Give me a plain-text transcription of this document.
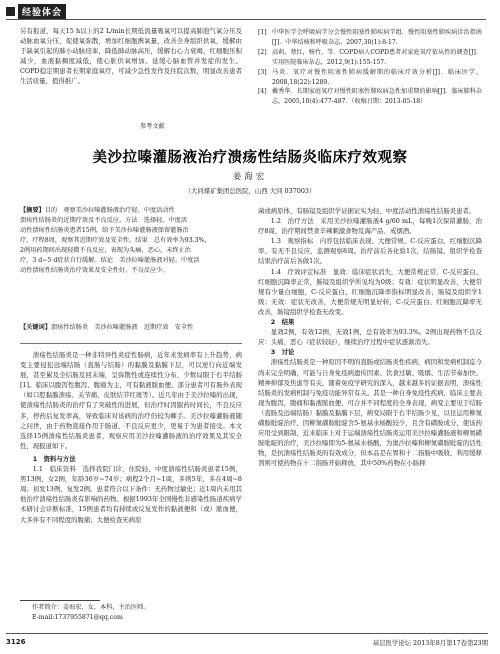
经验体会
另有报道，每天15 h以上的2 L/min长期低流量吸氧可以提高肺泡气氧分压及动脉血氧分压，促使氧弥散，增加红细胞携氧量，改善全身组织供氧，缓解由于缺氧引起的肺小动脉痉挛，降低肺动脉高压，缓解右心力衰竭，红细胞压积减少，血液黏稠度减低，使心脏供氧增加。延缓心脑血管并发症的发生。COPD稳定期患者长期家庭氧疗，可减少急性发作及住院次数，明显改善患者生活质量，值得推广。
参考文献
[1] 中华医学会呼吸病学分会慢性阻塞性肺疾病学组．慢性阻塞性肺疾病诊治指南[J]．中华结核和呼吸杂志，2007,30(1):8-17.
[2] 高莉，蔡红，杨竹，等．COPD病人COPD患者对家庭氧疗依从性的调查[J]．实用医院临床杂志，2012,9(1):155-157.
[3] 马炎．氧疗对慢性阻塞性肺病缓解期的临床疗效分析[J]．临床医学，2008,18(22):1289.
[4] 戴秀华．长期家庭氧疗对慢性阻塞性肺疾病急性加重期的影响[J]．临床肺科杂志，2005,10(4):477-487．（收稿日期：2013-05-18）
美沙拉嗪灌肠液治疗溃疡性结肠炎临床疗效观察
姜海宏
（大同煤矿集团总医院，山西 大同 037003）
【摘要】目的　观察美沙拉嗪灌肠液治疗轻、中度活动性
溃疡性结肠炎的近期疗效及不良反应。方法　选择轻、中度活
动性溃疡性结肠炎患者15例，给予美沙拉嗪灌肠液保留灌肠治
疗，疗程8周，观察其近期疗效及安全性。结果　总有效率为93.3%，
2例用药期间出现轻微不良反应，表现为头痛、恶心，未终止治
疗，3 d~5 d症状自行缓解。结论　美沙拉嗪灌肠液对轻、中度活
动性溃疡性结肠炎治疗效果及安全性好，不良反应少。
【关键词】溃疡性结肠炎　美沙拉嗪灌肠液　近期疗效　安全性
溃疡性结肠炎是一种非特异性炎症性肠病，近年来发病率有上升趋势，病变主要侵犯远端结肠（直肠与结肠）的黏膜及黏膜下层，可以逆行向近端发展，甚至累及全结肠及回末端，呈弥散性或连续性分布，少数局限于右半结肠[1]。临床以腹泻性腹泻、腹痛为主，可有黏液脓血便，部分患者可有肠外表现（如口腔黏膜溃疡、关节痛、皮肤结节红斑等）。近几年由于美沙拉嗪的出现，使溃疡性结肠炎的治疗有了突破性的进展，但治疗时因服药时间长，不良反应多，停药后复发率高，导致临床对该病的治疗仍较为棘手。美沙拉嗪灌肠液随之问世，由于药物直接作用于肠道，不良反应更少，更易于为患者接受。本文选择15例溃疡性结肠炎患者，观察应用美沙拉嗪灌肠液的治疗效果及其安全性，现报道如下。
1　资料与方法
1.1　临床资料　选择我院门诊，住院轻、中度溃疡性结肠炎患者15例，男13例，女2例，年龄36岁~74岁；病程2个月~1周，多则5年，多在4周~8周；初发13例，复发2例。患者符合以下条件：无药物过敏史；近1周内未用其他治疗溃疡性结肠炎有影响的药物。根据1993年全国慢性非感染性肠道疾病学术研讨会诊断标准，15例患者均有持续或反复发作的黏液便和（或）脓血便，大多伴有不同程度的腹痛；大便检查无病原
菌或病原体，有肠镜及组织学证据证实为轻、中度活动性溃疡性结肠炎患者。
1.2　治疗方法　采用美沙拉嗪灌肠液4 g/60 mL，每晚1次保留灌肠，治疗8周，治疗期间禁食辛辣刺激食物及海产品、戒烟酒。
1.3　观察指标　内容包括临床表现、大便常规、C-反应蛋白、红细胞沉降率、有无不良反应，监测观察8周。治疗前后各化验1次，结肠镜、组织学检查结果治疗前后各做1次。
1.4　疗效评定标准　显效：临床症状消失，大便常规正常，C-反应蛋白、红细胞沉降率正常，肠镜及组织学所见均为0级；有效：症状明显改善，大便常规有少量白细胞，C-反应蛋白、红细胞沉降率指标明显改善，肠镜及组织学1级；无效：症状无改善，大便常规无明显好转，C-反应蛋白、红细胞沉降率无改善，肠镜组织学检查无改变。
2　结果
显效2例，有效12例，无效1例，总有效率为93.3%。2例出现药物不良反应：头痛、恶心（症状较轻），继续治疗过程中症状逐渐消失。
3　讨论
溃疡性结肠炎是一种原因不明的直肠或结肠炎性疾病，病因和发病机制迄今尚未完全明确，可能与自身免疫病遗传因素、饮食过敏、吸烟、生活节奏加快、精神抑郁及焦虑等有关，随着免疫学研究的深入，越来越多的证据表明，溃疡性结肠炎的发病机制与免疫功能异常有关。其是一种自身免疫性疾病，临床主要表现为腹泻，腹痛和黏液脓血便，可合并不同程度的全身表现，病变主要见于结肠（直肠及远端结肠）黏膜及黏膜下层，病变局限于右半结肠少见，以往运用柳氮磺胺吡啶治疗，因柳氮磺胺吡啶含5-氨基水杨酸较少，且含有磺胺成分，使该药应用受到限制，近来临床上对于运端溃疡性结肠炎运用美沙拉嗪灌肠液和柳氮磺胺吡啶的治疗，美沙拉嗪即为5-氨基水杨酸，为奥沙拉嗪和柳氮磺胺吡啶的活性物，是抗溃疡性结肠炎的有效成分，但本品是在胃和十二指肠中吸收，利用缓释剂则可使药物在十二指肠开始释放，其中50%药物在小肠释
作者简介：姜海宏，女，本科，主治医师。
E-mail:1737955871@qq.com
3126	基层医学论坛 2013年8月第17卷第23期
